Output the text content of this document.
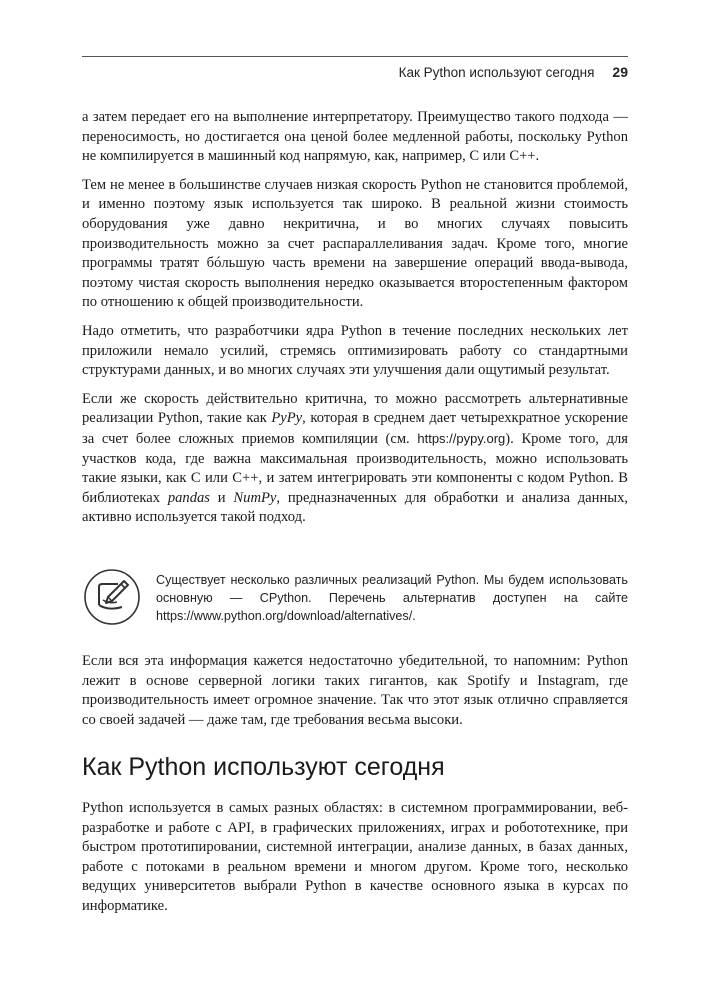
Как Python используют сегодня 29

а затем передает его на выполнение интерпретатору. Преимущество такого подхода — переносимость, но достигается она ценой более медленной работы, поскольку Python не компилируется в машинный код напрямую, как, например, C или C++.

Тем не менее в большинстве случаев низкая скорость Python не становится проблемой, и именно поэтому язык используется так широко. В реальной жизни стоимость оборудования уже давно некритична, и во многих случаях повысить производительность можно за счет распараллеливания задач. Кроме того, многие программы тратят бóльшую часть времени на завершение операций ввода-вывода, поэтому чистая скорость выполнения нередко оказывается второстепенным фактором по отношению к общей производительности.

Надо отметить, что разработчики ядра Python в течение последних нескольких лет приложили немало усилий, стремясь оптимизировать работу со стандартными структурами данных, и во многих случаях эти улучшения дали ощутимый результат.

Если же скорость действительно критична, то можно рассмотреть альтернативные реализации Python, такие как PyPy, которая в среднем дает четырехкратное ускорение за счет более сложных приемов компиляции (см. https://pypy.org). Кроме того, для участков кода, где важна максимальная производительность, можно использовать такие языки, как C или C++, и затем интегрировать эти компоненты с кодом Python. В библиотеках pandas и NumPy, предназначенных для обработки и анализа данных, активно используется такой подход.

Существует несколько различных реализаций Python. Мы будем использовать основную — CPython. Перечень альтернатив доступен на сайте https://www.python.org/download/alternatives/.

Если вся эта информация кажется недостаточно убедительной, то напомним: Python лежит в основе серверной логики таких гигантов, как Spotify и Instagram, где производительность имеет огромное значение. Так что этот язык отлично справляется со своей задачей — даже там, где требования весьма высоки.

Как Python используют сегодня

Python используется в самых разных областях: в системном программировании, веб-разработке и работе с API, в графических приложениях, играх и робототехнике, при быстром прототипировании, системной интеграции, анализе данных, в базах данных, работе с потоками в реальном времени и многом другом. Кроме того, несколько ведущих университетов выбрали Python в качестве основного языка в курсах по информатике.
